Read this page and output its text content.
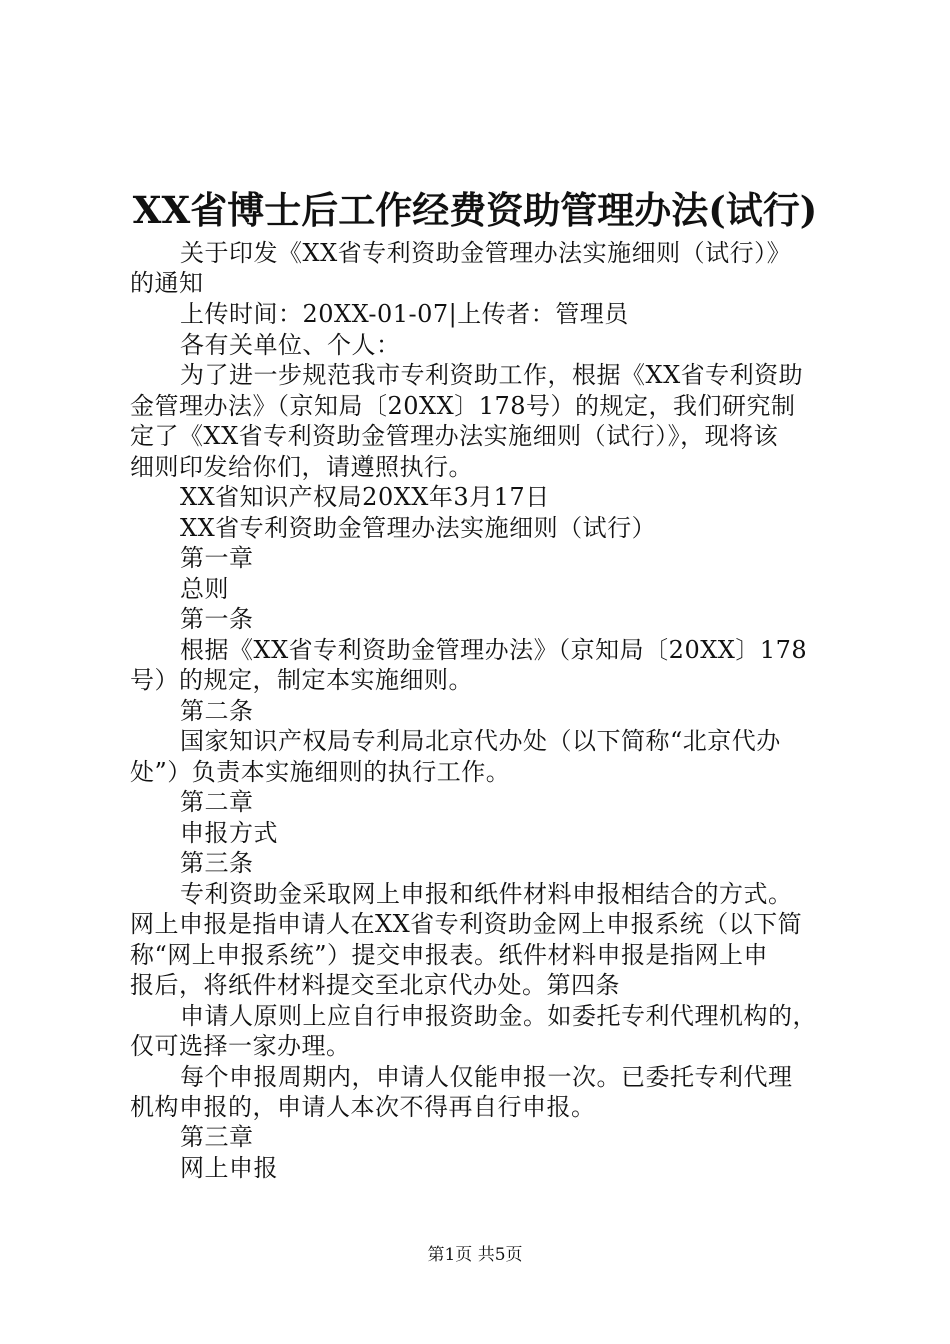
XX省博士后工作经费资助管理办法(试行)
关于印发《XX省专利资助金管理办法实施细则（试行）》
的通知
上传时间：20XX-01-07|上传者：管理员
各有关单位、个人：
为了进一步规范我市专利资助工作，根据《XX省专利资助
金管理办法》（京知局〔20XX〕178号）的规定，我们研究制
定了《XX省专利资助金管理办法实施细则（试行）》，现将该
细则印发给你们，请遵照执行。
XX省知识产权局20XX年3月17日
XX省专利资助金管理办法实施细则（试行）
第一章
总则
第一条
根据《XX省专利资助金管理办法》（京知局〔20XX〕178
号）的规定，制定本实施细则。
第二条
国家知识产权局专利局北京代办处（以下简称“北京代办
处”）负责本实施细则的执行工作。
第二章
申报方式
第三条
专利资助金采取网上申报和纸件材料申报相结合的方式。
网上申报是指申请人在XX省专利资助金网上申报系统（以下简
称“网上申报系统”）提交申报表。纸件材料申报是指网上申
报后，将纸件材料提交至北京代办处。第四条
申请人原则上应自行申报资助金。如委托专利代理机构的，
仅可选择一家办理。
每个申报周期内，申请人仅能申报一次。已委托专利代理
机构申报的，申请人本次不得再自行申报。
第三章
网上申报
第1页 共5页
